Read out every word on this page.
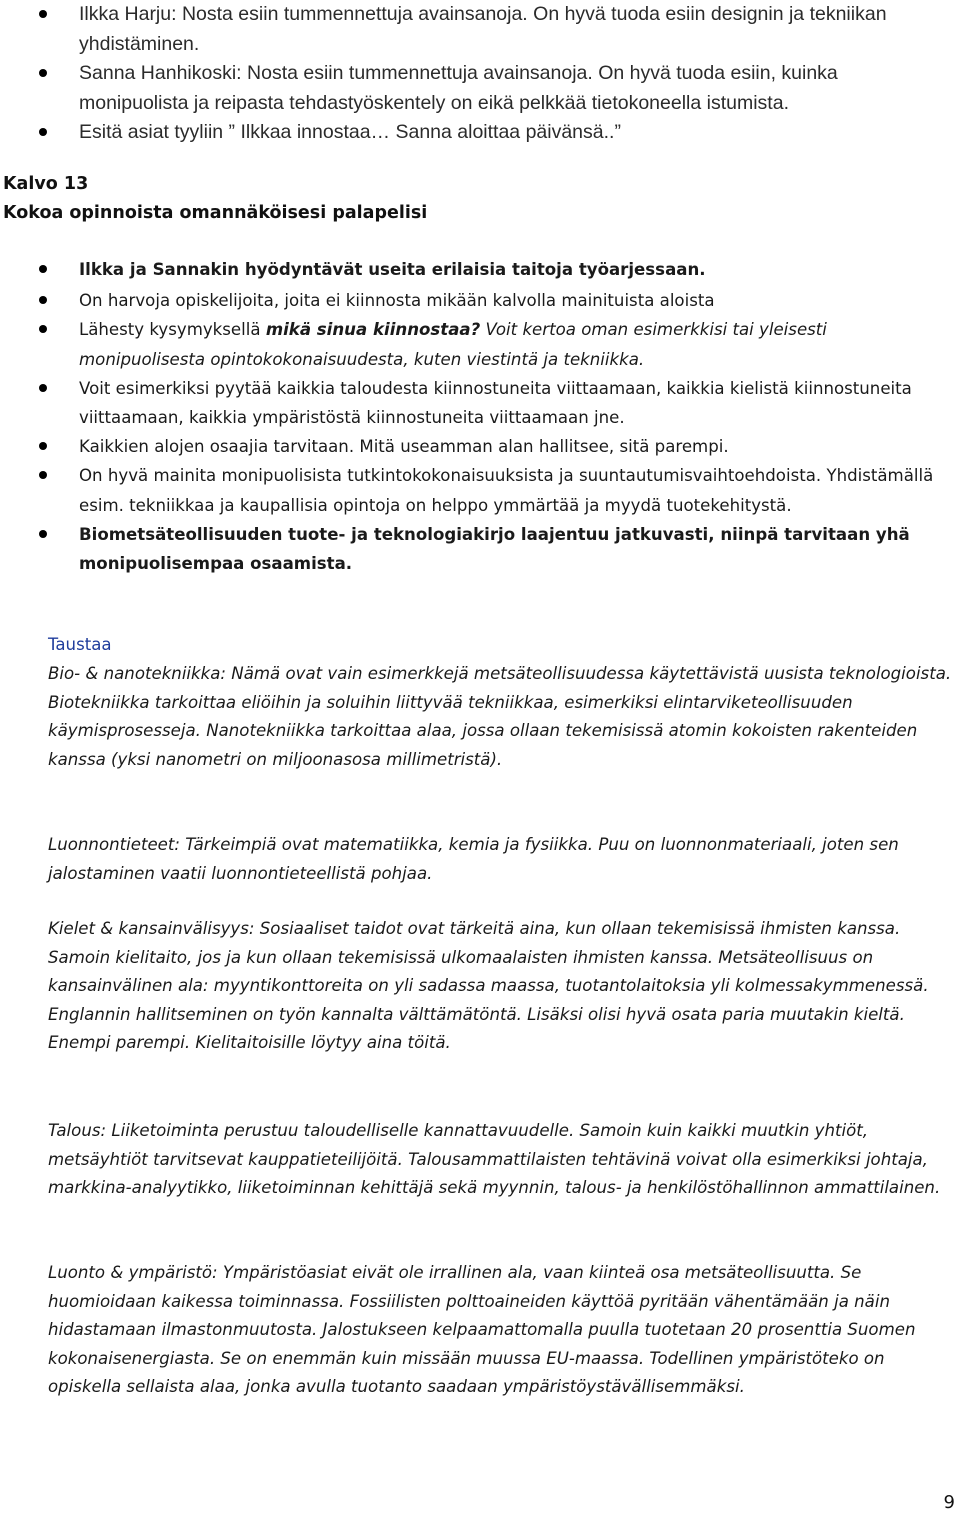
Ilkka Harju: Nosta esiin tummennettuja avainsanoja. On hyvä tuoda esiin designin ja tekniikan yhdistäminen.
Sanna Hanhikoski: Nosta esiin tummennettuja avainsanoja. On hyvä tuoda esiin, kuinka monipuolista ja reipasta tehdastyöskentely on eikä pelkkää tietokoneella istumista.
Esitä asiat tyyliin ” Ilkkaa innostaa… Sanna aloittaa päivänsä..”
Kalvo 13
Kokoa opinnoista omannäköisesi palapelisi
Ilkka ja Sannakin hyödyntävät useita erilaisia taitoja työarjessaan.
On harvoja opiskelijoita, joita ei kiinnosta mikään kalvolla mainituista aloista
Lähesty kysymyksellä mikä sinua kiinnostaa? Voit kertoa oman esimerkkisi tai yleisesti monipuolisesta opintokokonaisuudesta, kuten viestintä ja tekniikka.
Voit esimerkiksi pyytää kaikkia taloudesta kiinnostuneita viittaamaan, kaikkia kielistä kiinnostuneita viittaamaan, kaikkia ympäristöstä kiinnostuneita viittaamaan jne.
Kaikkien alojen osaajia tarvitaan. Mitä useamman alan hallitsee, sitä parempi.
On hyvä mainita monipuolisista tutkintokokonaisuuksista ja suuntautumisvaihtoehdoista. Yhdistämällä esim. tekniikkaa ja kaupallisia opintoja on helppo ymmärtää ja myydä tuotekehitystä.
Biometsäteollisuuden tuote- ja teknologiakirjo laajentuu jatkuvasti, niinpä tarvitaan yhä monipuolisempaa osaamista.
Taustaa

Bio- & nanotekniikka: Nämä ovat vain esimerkkejä metsäteollisuudessa käytettävistä uusista teknologioista. Biotekniikka tarkoittaa eliöihin ja soluihin liittyvää tekniikkaa, esimerkiksi elintarviketeollisuuden käymisprosesseja. Nanotekniikka tarkoittaa alaa, jossa ollaan tekemisissä atomin kokoisten rakenteiden kanssa (yksi nanometri on miljoonasosa millimetristä).

Luonnontieteet: Tärkeimpiä ovat matematiikka, kemia ja fysiikka. Puu on luonnonmateriaali, joten sen jalostaminen vaatii luonnontieteellistä pohjaa.

Kielet & kansainvälisyys: Sosiaaliset taidot ovat tärkeitä aina, kun ollaan tekemisissä ihmisten kanssa. Samoin kielitaito, jos ja kun ollaan tekemisissä ulkomaalaisten ihmisten kanssa. Metsäteollisuus on kansainvälinen ala: myyntikonttoreita on yli sadassa maassa, tuotantolaitoksia yli kolmessakymmenessä. Englannin hallitseminen on työn kannalta välttämätöntä. Lisäksi olisi hyvä osata paria muutakin kieltä. Enempi parempi. Kielitaitoisille löytyy aina töitä.

Talous: Liiketoiminta perustuu taloudelliselle kannattavuudelle. Samoin kuin kaikki muutkin yhtiöt, metsäyhtiöt tarvitsevat kauppatieteilijöitä. Talousammattilaisten tehtävinä voivat olla esimerkiksi johtaja, markkina-analyytikko, liiketoiminnan kehittäjä sekä myynnin, talous- ja henkilöstöhallinnon ammattilainen.

Luonto & ympäristö: Ympäristöasiat eivät ole irrallinen ala, vaan kiinteä osa metsäteollisuutta. Se huomioidaan kaikessa toiminnassa. Fossiilisten polttoaineiden käyttöä pyritään vähentämään ja näin hidastamaan ilmastonmuutosta. Jalostukseen kelpaamattomalla puulla tuotetaan 20 prosenttia Suomen kokonaisenergiasta. Se on enemmän kuin missään muussa EU-maassa. Todellinen ympäristöteko on opiskella sellaista alaa, jonka avulla tuotanto saadaan ympäristöystävällisemmäksi.

9
